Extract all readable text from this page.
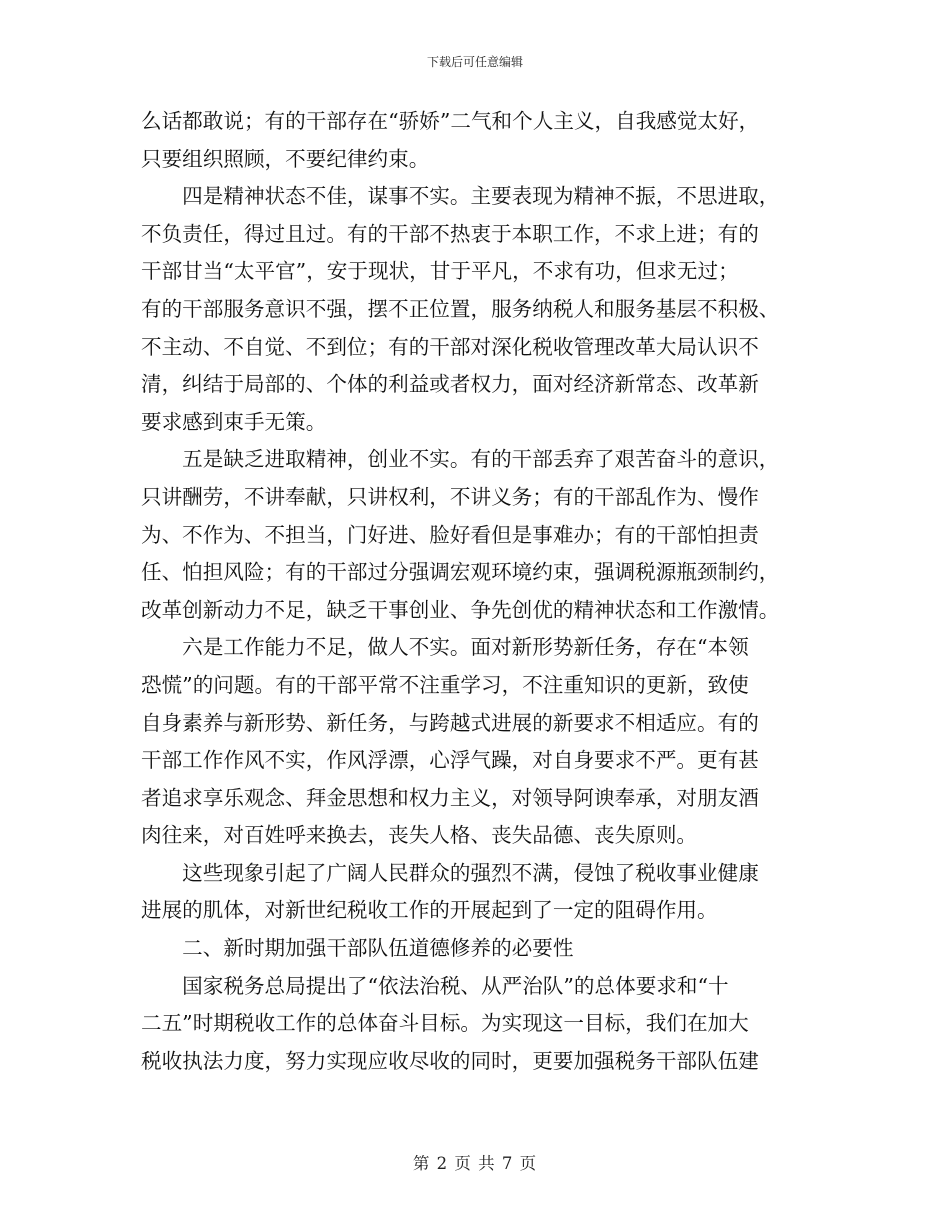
下载后可任意编辑
么话都敢说；有的干部存在“骄娇”二气和个人主义，自我感觉太好，
只要组织照顾，不要纪律约束。
　　四是精神状态不佳，谋事不实。主要表现为精神不振，不思进取，
不负责任，得过且过。有的干部不热衷于本职工作，不求上进；有的
干部甘当“太平官”，安于现状，甘于平凡，不求有功，但求无过；
有的干部服务意识不强，摆不正位置，服务纳税人和服务基层不积极、
不主动、不自觉、不到位；有的干部对深化税收管理改革大局认识不
清，纠结于局部的、个体的利益或者权力，面对经济新常态、改革新
要求感到束手无策。
　　五是缺乏进取精神，创业不实。有的干部丢弃了艰苦奋斗的意识，
只讲酬劳，不讲奉献，只讲权利，不讲义务；有的干部乱作为、慢作
为、不作为、不担当，门好进、脸好看但是事难办；有的干部怕担责
任、怕担风险；有的干部过分强调宏观环境约束，强调税源瓶颈制约，
改革创新动力不足，缺乏干事创业、争先创优的精神状态和工作激情。
　　六是工作能力不足，做人不实。面对新形势新任务，存在“本领
恐慌”的问题。有的干部平常不注重学习，不注重知识的更新，致使
自身素养与新形势、新任务，与跨越式进展的新要求不相适应。有的
干部工作作风不实，作风浮漂，心浮气躁，对自身要求不严。更有甚
者追求享乐观念、拜金思想和权力主义，对领导阿谀奉承，对朋友酒
肉往来，对百姓呼来换去，丧失人格、丧失品德、丧失原则。
　　这些现象引起了广阔人民群众的强烈不满，侵蚀了税收事业健康
进展的肌体，对新世纪税收工作的开展起到了一定的阻碍作用。
　　二、新时期加强干部队伍道德修养的必要性
　　国家税务总局提出了“依法治税、从严治队”的总体要求和“十
二五”时期税收工作的总体奋斗目标。为实现这一目标，我们在加大
税收执法力度，努力实现应收尽收的同时，更要加强税务干部队伍建
第 2 页 共 7 页
